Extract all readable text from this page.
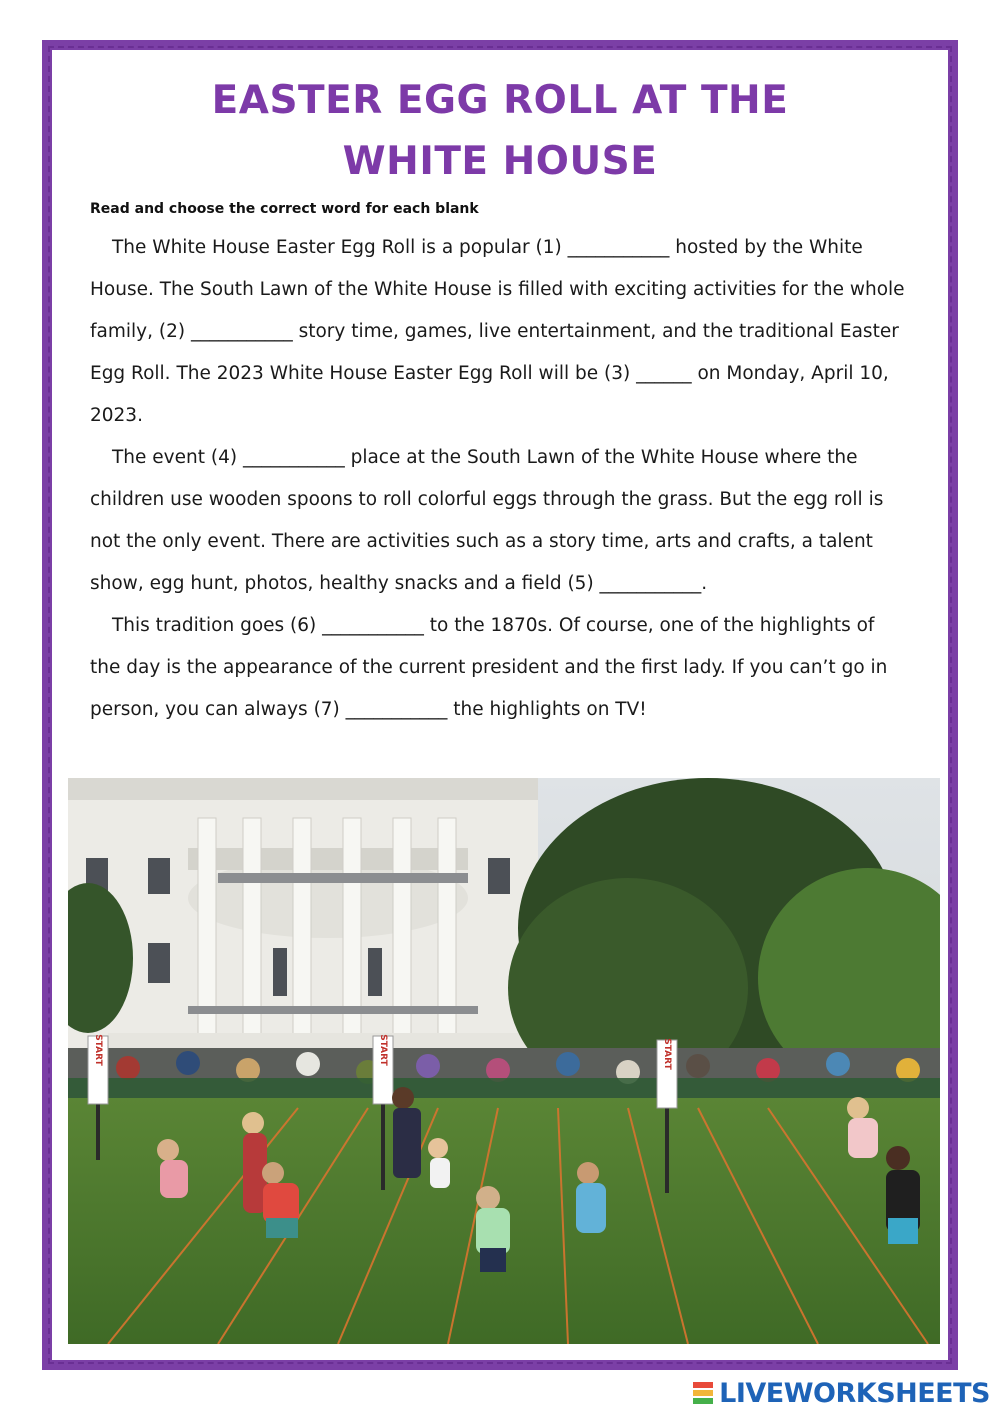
EASTER EGG ROLL AT THE
WHITE HOUSE

Read and choose the correct word for each blank

The White House Easter Egg Roll is a popular (1) ___________ hosted by the White House. The South Lawn of the White House is filled with exciting activities for the whole family, (2) ___________ story time, games, live entertainment, and the traditional Easter Egg Roll. The 2023 White House Easter Egg Roll will be (3) ______ on Monday, April 10, 2023.

The event (4) ___________ place at the South Lawn of the White House where the children use wooden spoons to roll colorful eggs through the grass. But the egg roll is not the only event. There are activities such as a story time, arts and crafts, a talent show, egg hunt, photos, healthy snacks and a field (5) ___________.

This tradition goes (6) ___________ to the 1870s. Of course, one of the highlights of the day is the appearance of the current president and the first lady. If you can’t go in person, you can always (7) ___________ the highlights on TV!

START	START	START
LIVEWORKSHEETS
